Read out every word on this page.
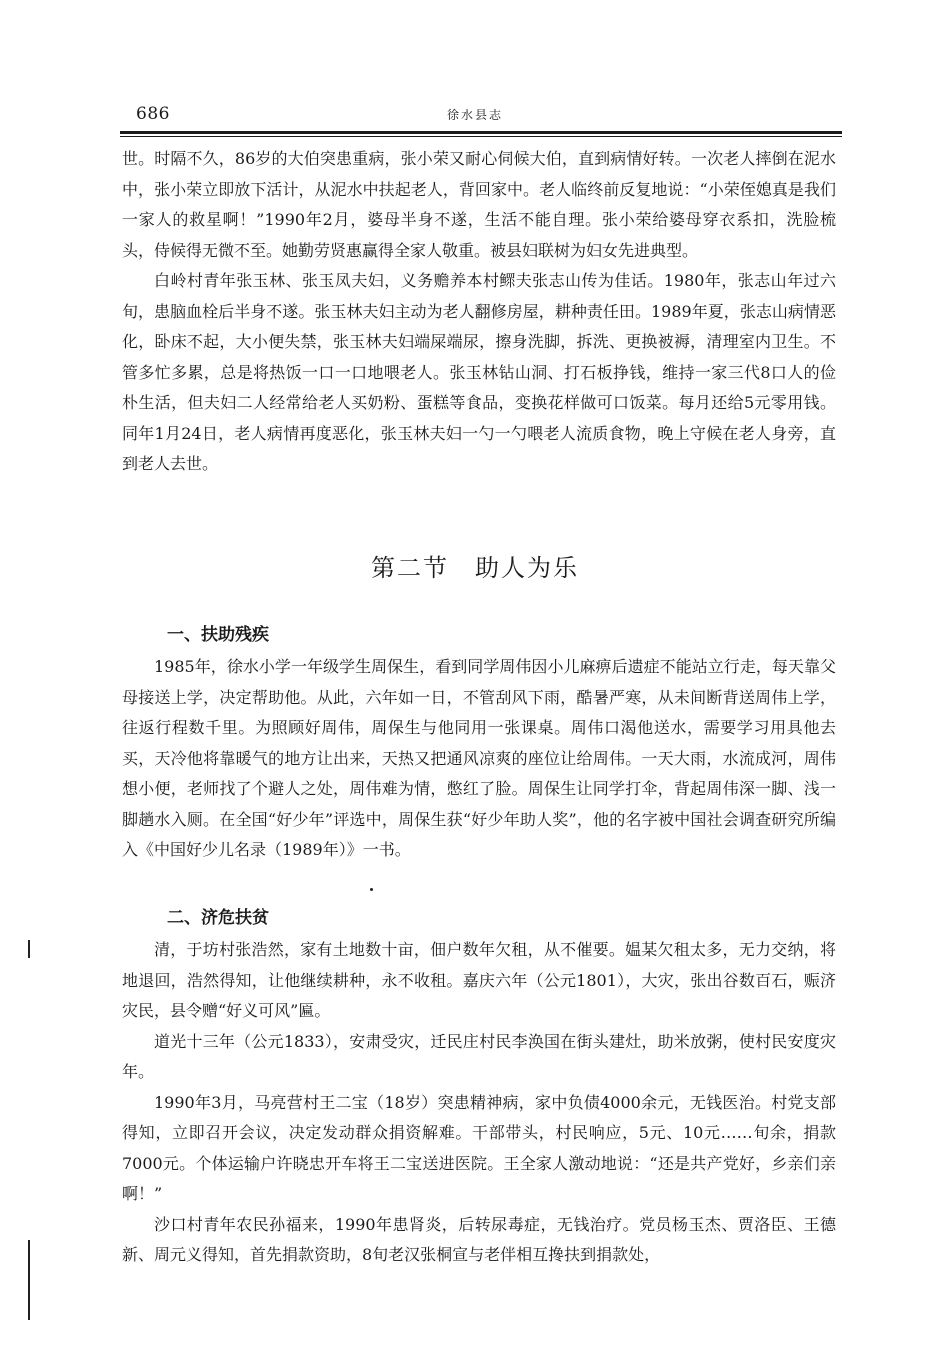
686	徐水县志

世。时隔不久，86岁的大伯突患重病，张小荣又耐心伺候大伯，直到病情好转。一次老人摔倒在泥水中，张小荣立即放下活计，从泥水中扶起老人，背回家中。老人临终前反复地说：“小荣侄媳真是我们一家人的救星啊！”1990年2月，婆母半身不遂，生活不能自理。张小荣给婆母穿衣系扣，洗脸梳头，侍候得无微不至。她勤劳贤惠赢得全家人敬重。被县妇联树为妇女先进典型。

白岭村青年张玉林、张玉凤夫妇，义务赡养本村鳏夫张志山传为佳话。1980年，张志山年过六旬，患脑血栓后半身不遂。张玉林夫妇主动为老人翻修房屋，耕种责任田。1989年夏，张志山病情恶化，卧床不起，大小便失禁，张玉林夫妇端屎端尿，擦身洗脚，拆洗、更换被褥，清理室内卫生。不管多忙多累，总是将热饭一口一口地喂老人。张玉林钻山洞、打石板挣钱，维持一家三代8口人的俭朴生活，但夫妇二人经常给老人买奶粉、蛋糕等食品，变换花样做可口饭菜。每月还给5元零用钱。同年1月24日，老人病情再度恶化，张玉林夫妇一勺一勺喂老人流质食物，晚上守候在老人身旁，直到老人去世。

第二节　助人为乐
一、扶助残疾

1985年，徐水小学一年级学生周保生，看到同学周伟因小儿麻痹后遗症不能站立行走，每天靠父母接送上学，决定帮助他。从此，六年如一日，不管刮风下雨，酷暑严寒，从未间断背送周伟上学，往返行程数千里。为照顾好周伟，周保生与他同用一张课桌。周伟口渴他送水，需要学习用具他去买，天冷他将靠暖气的地方让出来，天热又把通风凉爽的座位让给周伟。一天大雨，水流成河，周伟想小便，老师找了个避人之处，周伟难为情，憋红了脸。周保生让同学打伞，背起周伟深一脚、浅一脚趟水入厕。在全国“好少年”评选中，周保生获“好少年助人奖”，他的名字被中国社会调查研究所编入《中国好少儿名录（1989年）》一书。

二、济危扶贫

清，于坊村张浩然，家有土地数十亩，佃户数年欠租，从不催要。媪某欠租太多，无力交纳，将地退回，浩然得知，让他继续耕种，永不收租。嘉庆六年（公元1801），大灾，张出谷数百石，赈济灾民，县令赠“好义可风”匾。

道光十三年（公元1833），安肃受灾，迁民庄村民李涣国在街头建灶，助米放粥，使村民安度灾年。

1990年3月，马亮营村王二宝（18岁）突患精神病，家中负债4000余元，无钱医治。村党支部得知，立即召开会议，决定发动群众捐资解难。干部带头，村民响应，5元、10元……旬余，捐款7000元。个体运输户许晓忠开车将王二宝送进医院。王全家人激动地说：“还是共产党好，乡亲们亲啊！”

沙口村青年农民孙福来，1990年患肾炎，后转尿毒症，无钱治疗。党员杨玉杰、贾洛臣、王德新、周元义得知，首先捐款资助，8旬老汉张桐宣与老伴相互搀扶到捐款处，
